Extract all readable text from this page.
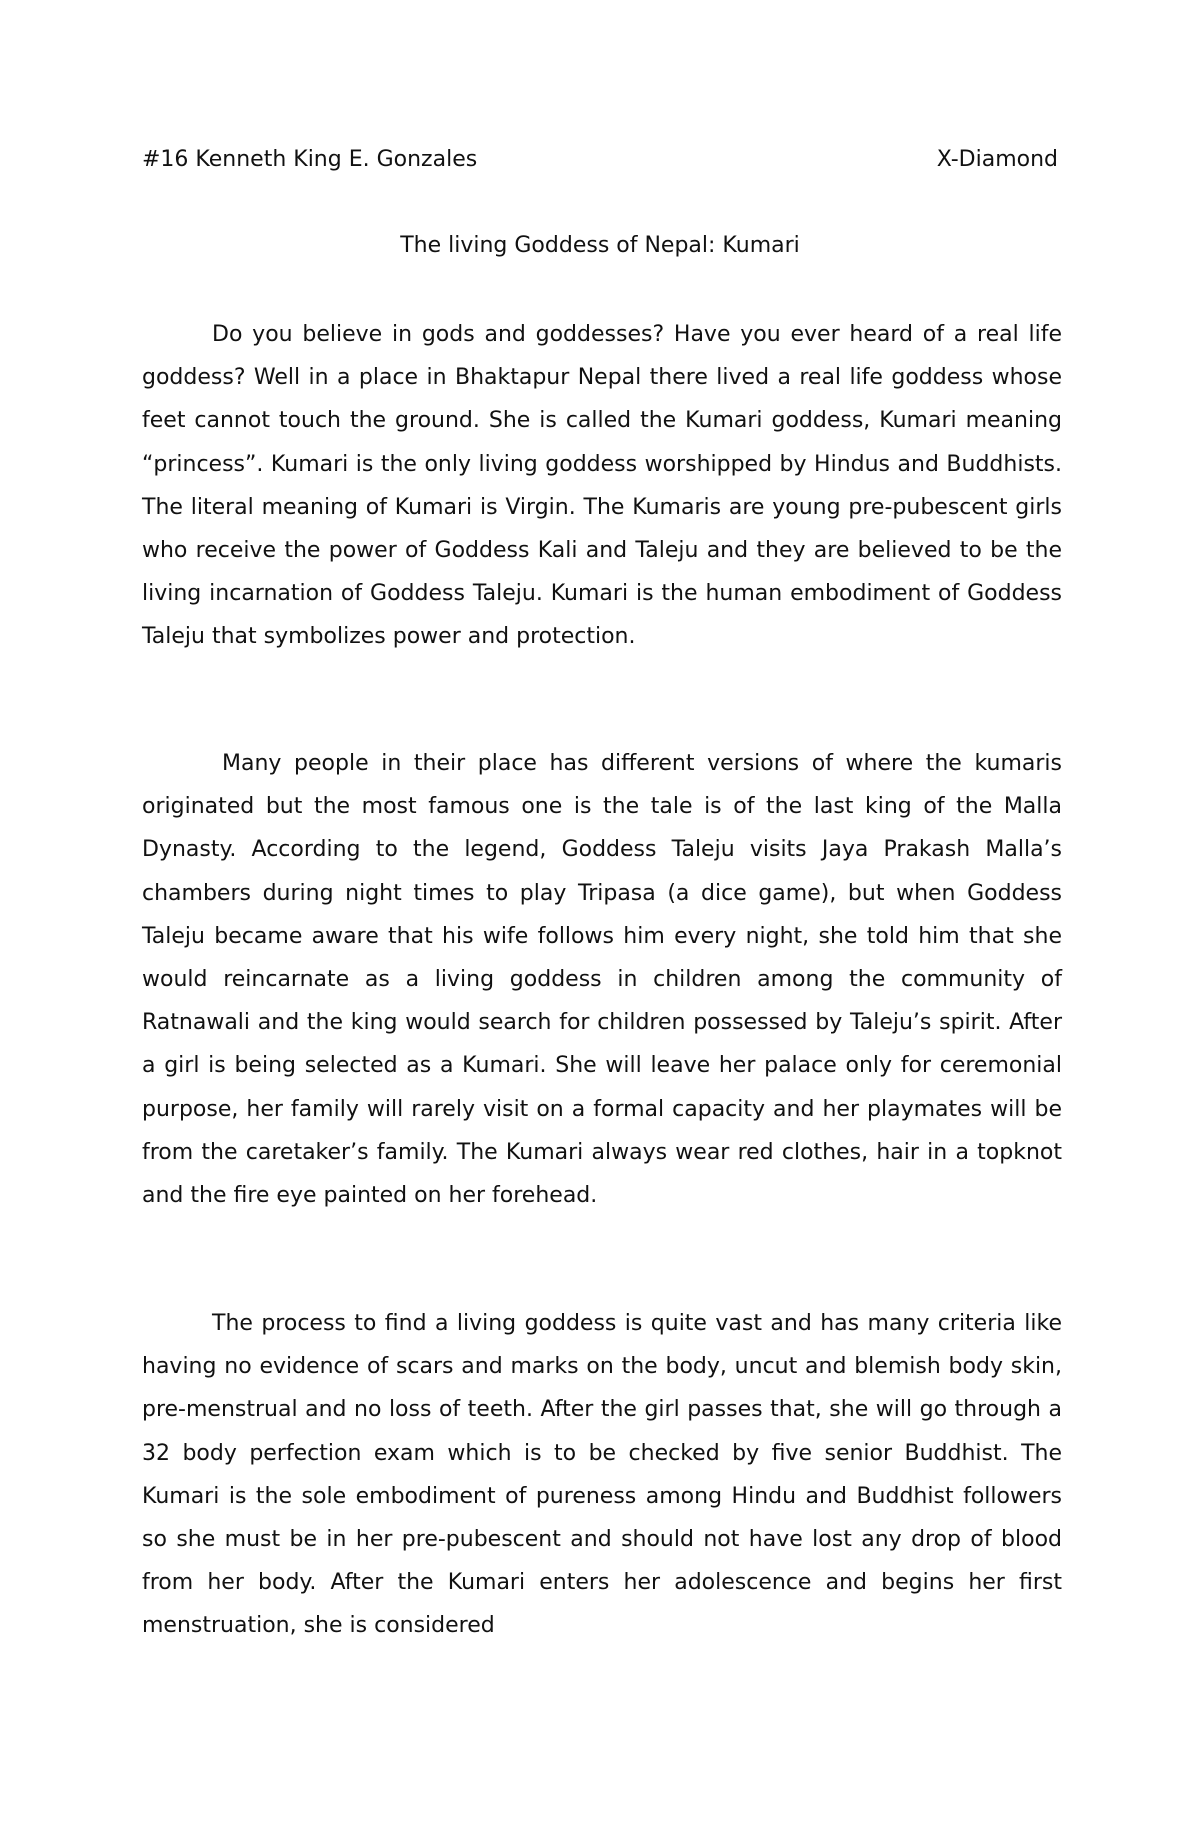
#16 Kenneth King E. Gonzales	X-Diamond
The living Goddess of Nepal: Kumari

Do you believe in gods and goddesses? Have you ever heard of a real life goddess? Well in a place in Bhaktapur Nepal there lived a real life goddess whose feet cannot touch the ground. She is called the Kumari goddess, Kumari meaning “princess”. Kumari is the only living goddess worshipped by Hindus and Buddhists. The literal meaning of Kumari is Virgin. The Kumaris are young pre-pubescent girls who receive the power of Goddess Kali and Taleju and they are believed to be the living incarnation of Goddess Taleju. Kumari is the human embodiment of Goddess Taleju that symbolizes power and protection.

Many people in their place has different versions of where the kumaris originated but the most famous one is the tale is of the last king of the Malla Dynasty. According to the legend, Goddess Taleju visits Jaya Prakash Malla’s chambers during night times to play Tripasa (a dice game), but when Goddess Taleju became aware that his wife follows him every night, she told him that she would reincarnate as a living goddess in children among the community of Ratnawali and the king would search for children possessed by Taleju’s spirit. After a girl is being selected as a Kumari. She will leave her palace only for ceremonial purpose, her family will rarely visit on a formal capacity and her playmates will be from the caretaker’s family. The Kumari always wear red clothes, hair in a topknot and the fire eye painted on her forehead.

The process to find a living goddess is quite vast and has many criteria like having no evidence of scars and marks on the body, uncut and blemish body skin, pre-menstrual and no loss of teeth. After the girl passes that, she will go through a 32 body perfection exam which is to be checked by five senior Buddhist. The Kumari is the sole embodiment of pureness among Hindu and Buddhist followers so she must be in her pre-pubescent and should not have lost any drop of blood from her body. After the Kumari enters her adolescence and begins her first menstruation, she is considered
